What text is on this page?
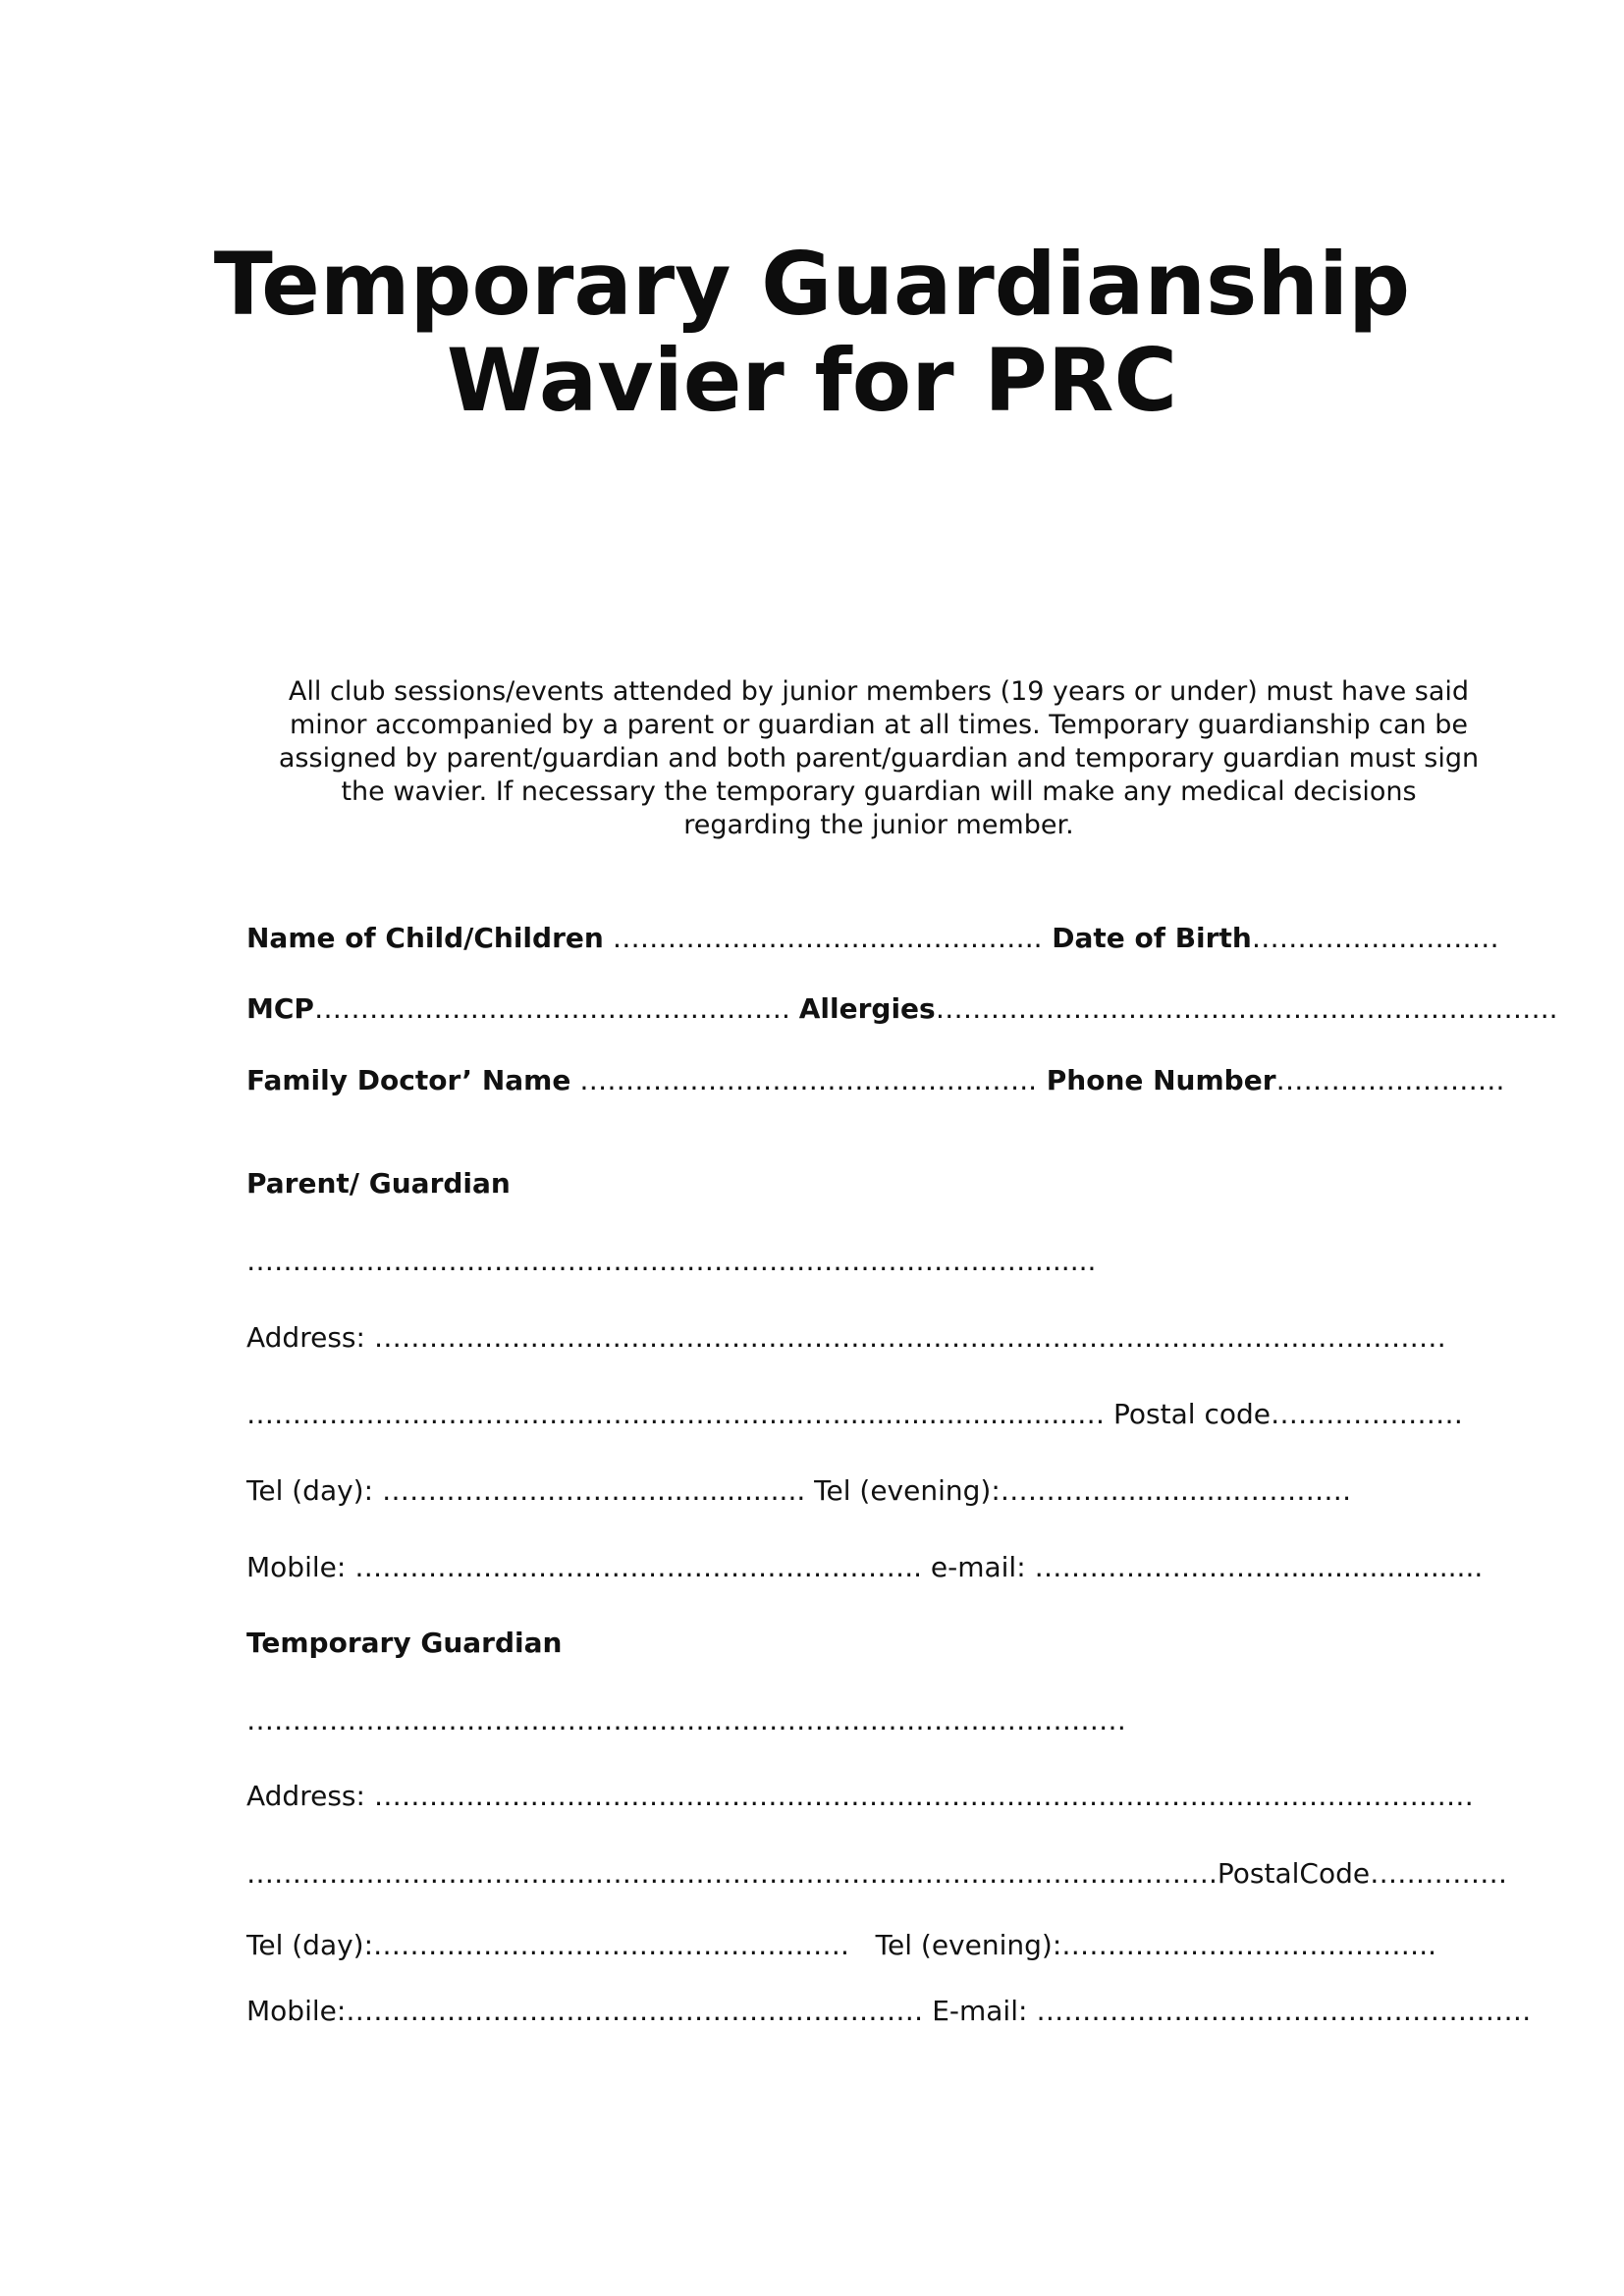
Temporary Guardianship
Wavier for PRC
All club sessions/events attended by junior members (19 years or under) must have said
minor accompanied by a parent or guardian at all times. Temporary guardianship can be
assigned by parent/guardian and both parent/guardian and temporary guardian must sign
the wavier. If necessary the temporary guardian will make any medical decisions
regarding the junior member.
Name of Child/Children ……………………………………….. Date of Birth………………………
MCP……………………………………………. Allergies…………………………………………………………..
Family Doctor’ Name ………………………………………….. Phone Number…………………….
Parent/ Guardian
……………………………………………………………………………......
Address: ………………………………………………………………………………………………………
…………………………………………………..……...........................… Postal code…………………
Tel (day): …………………………................. Tel (evening):…………...............…………
Mobile: …………………………………………………….. e-mail: ……………………….......................
Temporary Guardian
……………………………………………………………………………………
Address: …………………………………………………………………………………………………………
…………………………………………………………………………………………….PostalCode……………
Tel (day):…………………………………………….   Tel (evening):…………………………………..
Mobile:……………………………………………………… E-mail: ………………………………………………
